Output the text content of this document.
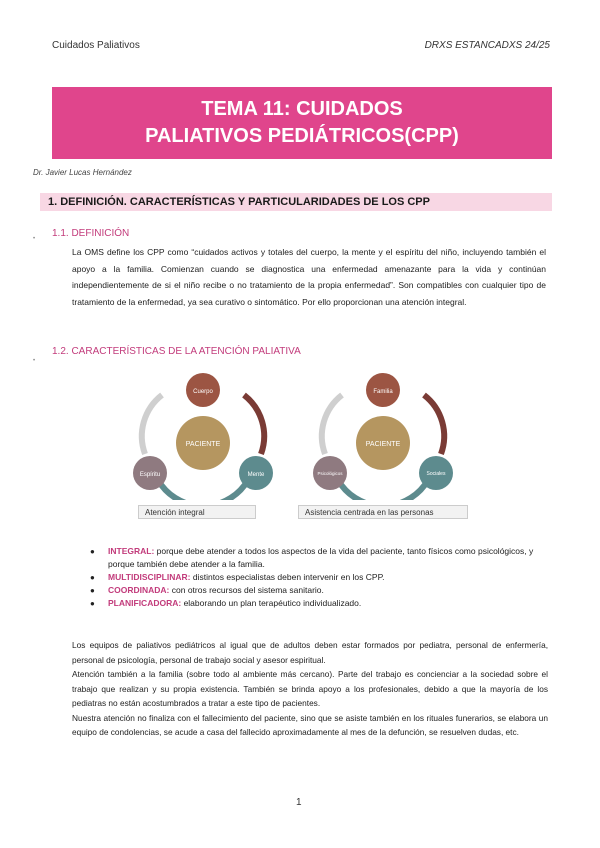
Cuidados Paliativos	DRXS ESTANCADXS 24/25
TEMA 11: CUIDADOS
PALIATIVOS PEDIÁTRICOS(CPP)
Dr. Javier Lucas Hernández
1. DEFINICIÓN. CARACTERÍSTICAS Y PARTICULARIDADES DE LOS CPP
1.1. DEFINICIÓN
•
La OMS define los CPP como “cuidados activos y totales del cuerpo, la mente y el espíritu del niño, incluyendo también el apoyo a la familia. Comienzan cuando se diagnostica una enfermedad amenazante para la vida y continúan independientemente de si el niño recibe o no tratamiento de la propia enfermedad”. Son compatibles con cualquier tipo de tratamiento de la enfermedad, ya sea curativo o sintomático. Por ello proporcionan una atención integral.
1.2. CARACTERÍSTICAS DE LA ATENCIÓN PALIATIVA
•
PACIENTE
Cuerpo
Espíritu	Mente
Atención integral
PACIENTE
Familia
Psicológicos	Sociales
Asistencia centrada en las personas
● INTEGRAL: porque debe atender a todos los aspectos de la vida del paciente, tanto físicos como psicológicos, y porque también debe atender a la familia.
● MULTIDISCIPLINAR: distintos especialistas deben intervenir en los CPP.
● COORDINADA: con otros recursos del sistema sanitario.
● PLANIFICADORA: elaborando un plan terapéutico individualizado.

Los equipos de paliativos pediátricos al igual que de adultos deben estar formados por pediatra, personal de enfermería, personal de psicología, personal de trabajo social y asesor espiritual.

Atención también a la familia (sobre todo al ambiente más cercano). Parte del trabajo es concienciar a la sociedad sobre el trabajo que realizan y su propia existencia. También se brinda apoyo a los profesionales, debido a que la mayoría de los pediatras no están acostumbrados a tratar a este tipo de pacientes.

Nuestra atención no finaliza con el fallecimiento del paciente, sino que se asiste también en los rituales funerarios, se elabora un equipo de condolencias, se acude a casa del fallecido aproximadamente al mes de la defunción, se resuelven dudas, etc.

1
